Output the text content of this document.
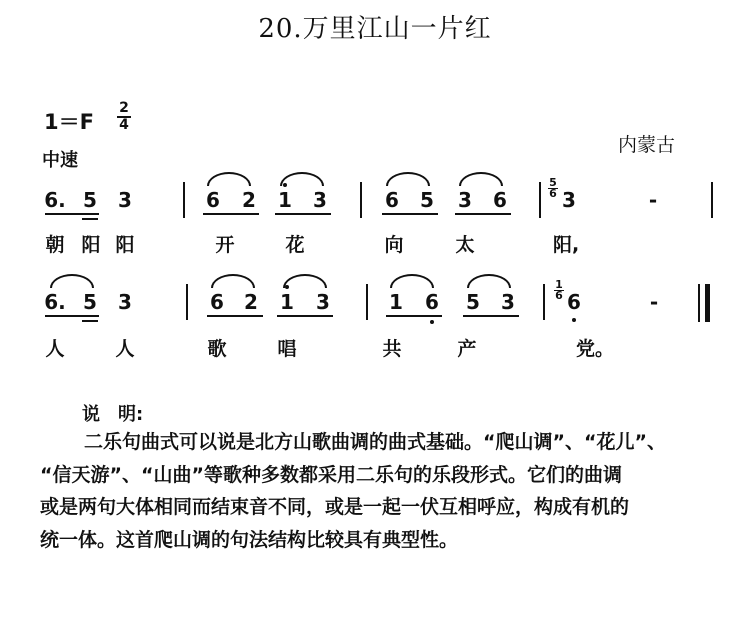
20.万里江山一片红
1＝F
2
4
中速
内蒙古
6. 5 3	6 2 1 3	6 5 3 6
5
6 3	-
朝 阳 阳	开	花	向	太	阳,
6. 5 3	6 2 1 3	1 6 5 3
1
6 6	-
人	人	歌	唱	共	产	党。
说　明:

二乐句曲式可以说是北方山歌曲调的曲式基础。“爬山调”、“花儿”、

“信天游”、“山曲”等歌种多数都采用二乐句的乐段形式。它们的曲调

或是两句大体相同而结束音不同，或是一起一伏互相呼应，构成有机的

统一体。这首爬山调的句法结构比较具有典型性。
